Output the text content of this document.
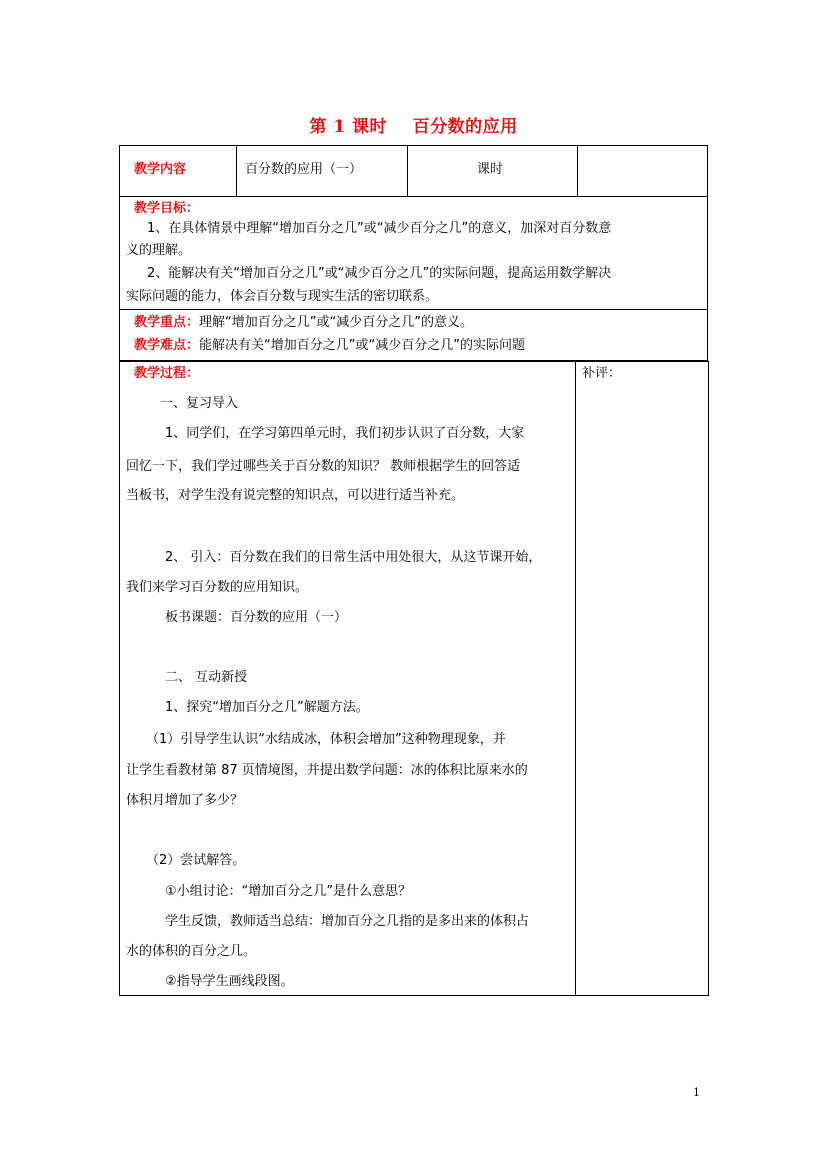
第 1 课时    百分数的应用
教学内容	百分数的应用（一）	课时
教学目标：
1、在具体情景中理解“增加百分之几”或“减少百分之几”的意义，加深对百分数意
义的理解。
2、能解决有关“增加百分之几”或“减少百分之几”的实际问题，提高运用数学解决
实际问题的能力，体会百分数与现实生活的密切联系。
教学重点：理解“增加百分之几”或“减少百分之几”的意义。
教学难点：能解决有关“增加百分之几”或“减少百分之几”的实际问题
教学过程：	补评：
一、复习导入
1、同学们，在学习第四单元时，我们初步认识了百分数，大家
回忆一下，我们学过哪些关于百分数的知识？ 教师根据学生的回答适
当板书，对学生没有说完整的知识点，可以进行适当补充。
2、 引入：百分数在我们的日常生活中用处很大，从这节课开始，
我们来学习百分数的应用知识。
板书课题：百分数的应用（一）
二、 互动新授
1、探究“增加百分之几”解题方法。
（1）引导学生认识“水结成冰，体积会增加”这种物理现象，并
让学生看教材第 87 页情境图，并提出数学问题：冰的体积比原来水的
体积月增加了多少？
（2）尝试解答。
①小组讨论：“增加百分之几”是什么意思？
学生反馈，教师适当总结：增加百分之几指的是多出来的体积占
水的体积的百分之几。
②指导学生画线段图。
1
